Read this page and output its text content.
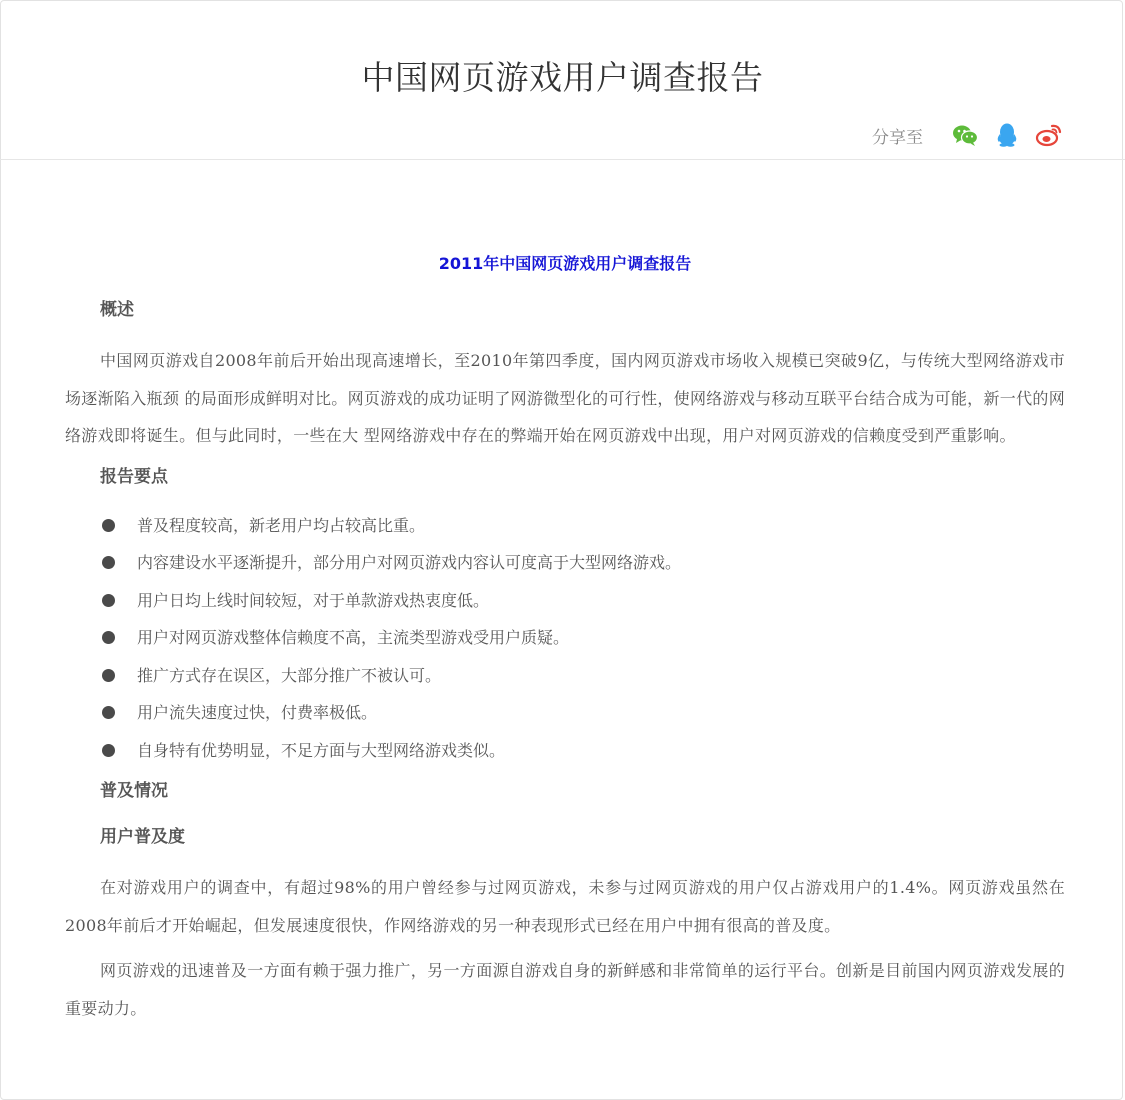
中国网页游戏用户调查报告
分享至
2011年中国网页游戏用户调查报告
概述

中国网页游戏自2008年前后开始出现高速增长，至2010年第四季度，国内网页游戏市场收入规模已突破9亿，与传统大型网络游戏市场逐渐陷入瓶颈 的局面形成鲜明对比。网页游戏的成功证明了网游微型化的可行性，使网络游戏与移动互联平台结合成为可能，新一代的网络游戏即将诞生。但与此同时，一些在大 型网络游戏中存在的弊端开始在网页游戏中出现，用户对网页游戏的信赖度受到严重影响。

报告要点
普及程度较高，新老用户均占较高比重。
内容建设水平逐渐提升，部分用户对网页游戏内容认可度高于大型网络游戏。
用户日均上线时间较短，对于单款游戏热衷度低。
用户对网页游戏整体信赖度不高，主流类型游戏受用户质疑。
推广方式存在误区，大部分推广不被认可。
用户流失速度过快，付费率极低。
自身特有优势明显，不足方面与大型网络游戏类似。
普及情况
用户普及度

在对游戏用户的调查中，有超过98%的用户曾经参与过网页游戏，未参与过网页游戏的用户仅占游戏用户的1.4%。网页游戏虽然在2008年前后才开始崛起，但发展速度很快，作网络游戏的另一种表现形式已经在用户中拥有很高的普及度。

网页游戏的迅速普及一方面有赖于强力推广，另一方面源自游戏自身的新鲜感和非常简单的运行平台。创新是目前国内网页游戏发展的重要动力。
